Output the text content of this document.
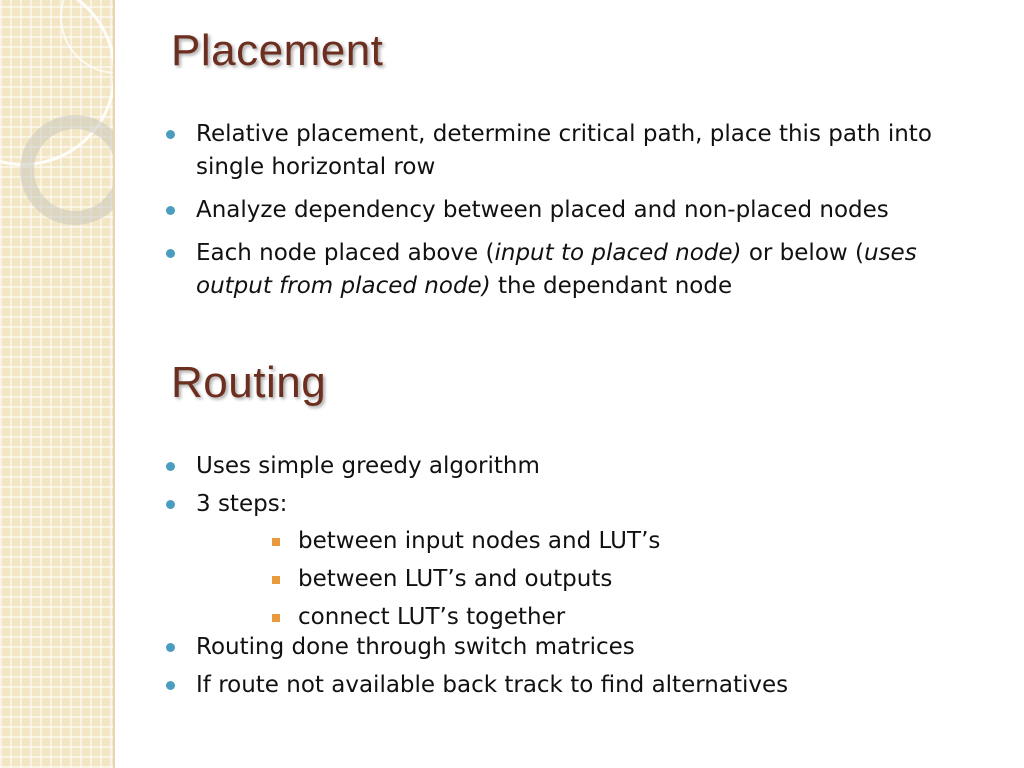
Placement
Relative placement, determine critical path, place this path into single horizontal row
Analyze dependency between placed and non-placed nodes
Each node placed above (input to placed node) or below (uses output from placed node) the dependant node
Routing
Uses simple greedy algorithm
3 steps:
between input nodes and LUT’s
between LUT’s and outputs
connect LUT’s together
Routing done through switch matrices
If route not available back track to find alternatives
